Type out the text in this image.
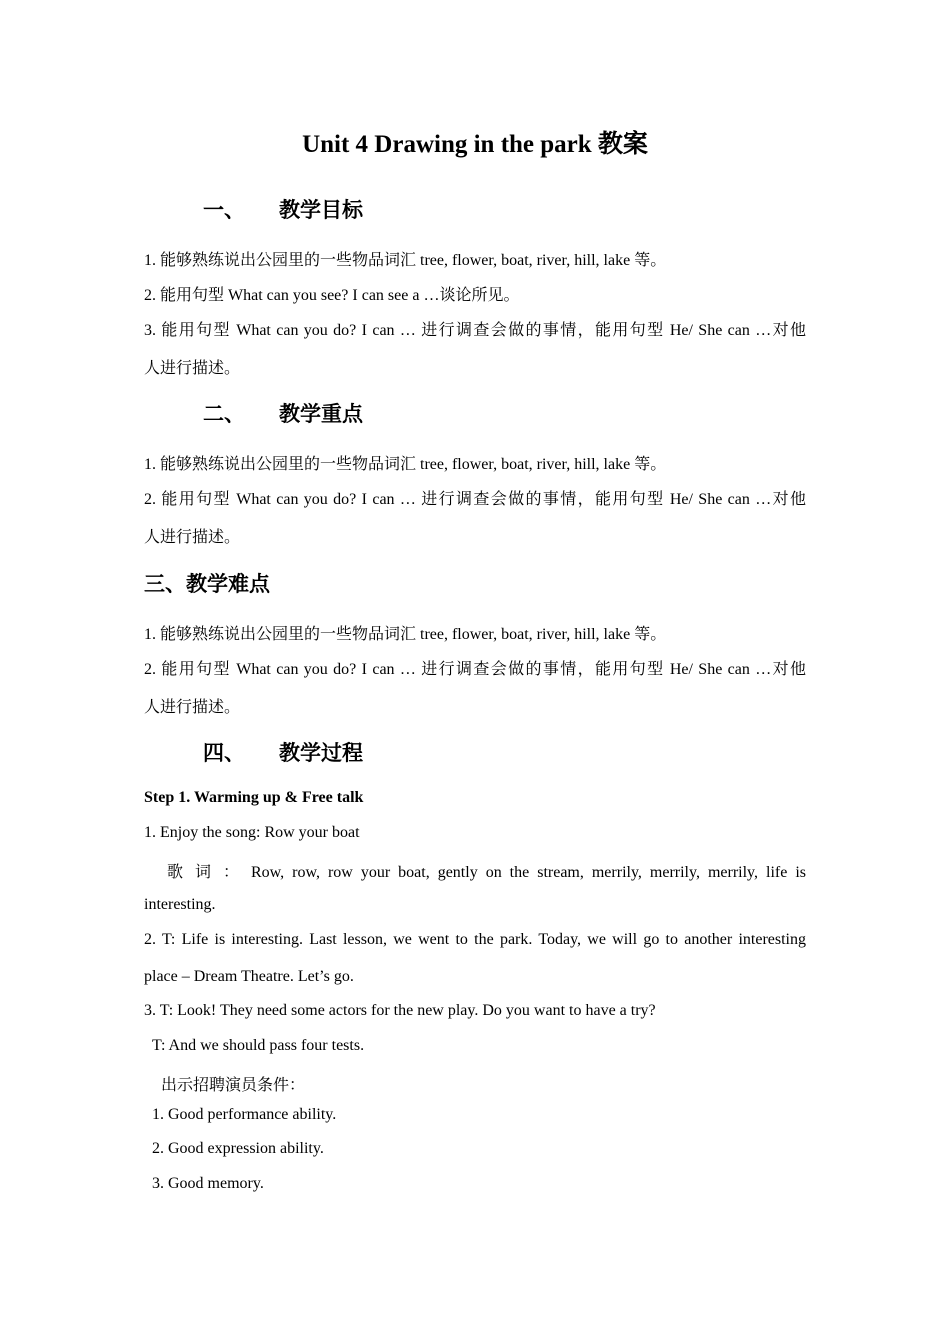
Unit 4 Drawing in the park 教案
一、 教学目标
1. 能够熟练说出公园里的一些物品词汇 tree, flower, boat, river, hill, lake 等。
2. 能用句型 What can you see? I can see a …谈论所见。
3. 能用句型 What can you do? I can … 进行调查会做的事情，能用句型 He/ She can …对他
人进行描述。
二、 教学重点
1. 能够熟练说出公园里的一些物品词汇 tree, flower, boat, river, hill, lake 等。
2. 能用句型 What can you do? I can … 进行调查会做的事情，能用句型 He/ She can …对他
人进行描述。
三、教学难点
1. 能够熟练说出公园里的一些物品词汇 tree, flower, boat, river, hill, lake 等。
2. 能用句型 What can you do? I can … 进行调查会做的事情，能用句型 He/ She can …对他
人进行描述。
四、 教学过程
Step 1. Warming up & Free talk
1. Enjoy the song: Row your boat
歌 词 ： Row, row, row your boat, gently on the stream, merrily, merrily, merrily, life is
interesting.
2. T: Life is interesting. Last lesson, we went to the park. Today, we will go to another interesting
place – Dream Theatre. Let’s go.
3. T: Look! They need some actors for the new play. Do you want to have a try?
T: And we should pass four tests.
出示招聘演员条件：
1. Good performance ability.
2. Good expression ability.
3. Good memory.
